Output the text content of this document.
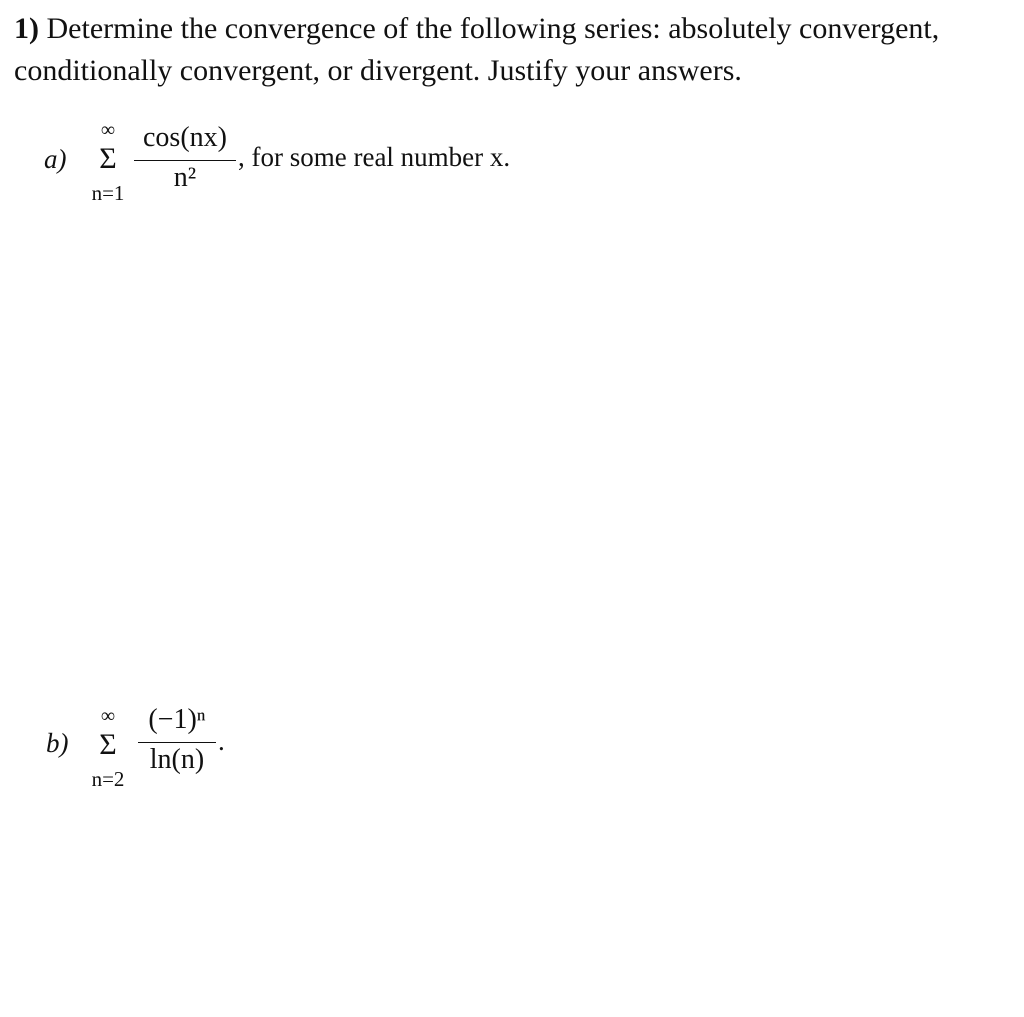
1) Determine the convergence of the following series: absolutely convergent, conditionally convergent, or divergent. Justify your answers.
a)
∞
Σ
n=1
cos(nx)
n²
, for some real number x.
b)
∞
Σ
n=2
(−1)ⁿ
ln(n)
.
